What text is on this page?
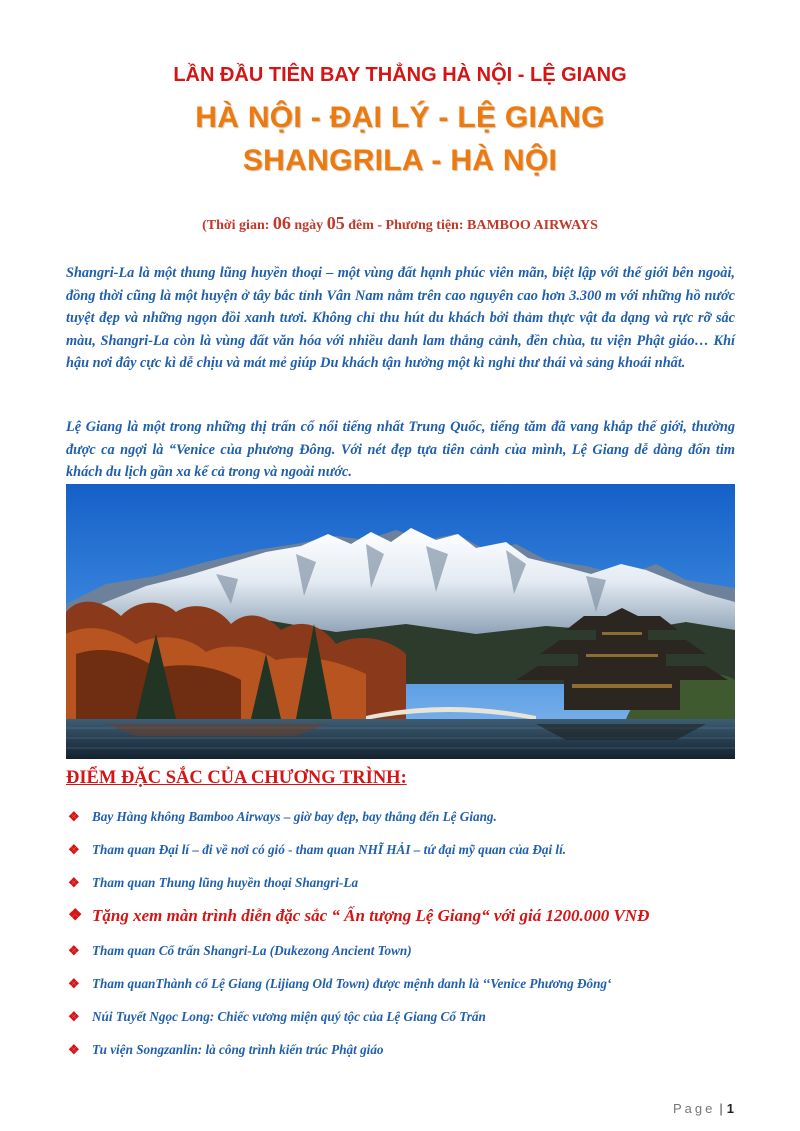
LẦN ĐẦU TIÊN BAY THẲNG HÀ NỘI - LỆ GIANG
HÀ NỘI - ĐẠI LÝ - LỆ GIANG
SHANGRILA - HÀ NỘI
(Thời gian: 06 ngày 05 đêm - Phương tiện: BAMBOO AIRWAYS

Shangri-La là một thung lũng huyền thoại – một vùng đất hạnh phúc viên mãn, biệt lập với thế giới bên ngoài, đồng thời cũng là một huyện ở tây bắc tỉnh Vân Nam nằm trên cao nguyên cao hơn 3.300 m với những hồ nước tuyệt đẹp và những ngọn đồi xanh tươi. Không chỉ thu hút du khách bởi thảm thực vật đa dạng và rực rỡ sắc màu, Shangri-La còn là vùng đất văn hóa với nhiều danh lam thắng cảnh, đền chùa, tu viện Phật giáo… Khí hậu nơi đây cực kì dễ chịu và mát mẻ giúp Du khách tận hưởng một kì nghỉ thư thái và sảng khoái nhất.

Lệ Giang là một trong những thị trấn cổ nổi tiếng nhất Trung Quốc, tiếng tăm đã vang khắp thế giới, thường được ca ngợi là “Venice của phương Đông. Với nét đẹp tựa tiên cảnh của mình, Lệ Giang dễ dàng đốn tim khách du lịch gần xa kể cả trong và ngoài nước.

ĐIỂM ĐẶC SẮC CỦA CHƯƠNG TRÌNH:
❖ Bay Hàng không Bamboo Airways – giờ bay đẹp, bay thẳng đến Lệ Giang.
❖ Tham quan Đại lí – đi về nơi có gió - tham quan NHĨ HẢI – tứ đại mỹ quan của Đại lí.
❖ Tham quan Thung lũng huyền thoại Shangri-La
❖ Tặng xem màn trình diễn đặc sắc “ Ấn tượng Lệ Giang“ với giá 1200.000 VNĐ
❖ Tham quan Cổ trấn Shangri-La (Dukezong Ancient Town)
❖ Tham quanThành cổ Lệ Giang (Lijiang Old Town) được mệnh danh là ‘‘Venice Phương Đông‘
❖ Núi Tuyết Ngọc Long: Chiếc vương miện quý tộc của Lệ Giang Cổ Trấn
❖ Tu viện Songzanlin: là công trình kiến trúc Phật giáo
Page | 1
